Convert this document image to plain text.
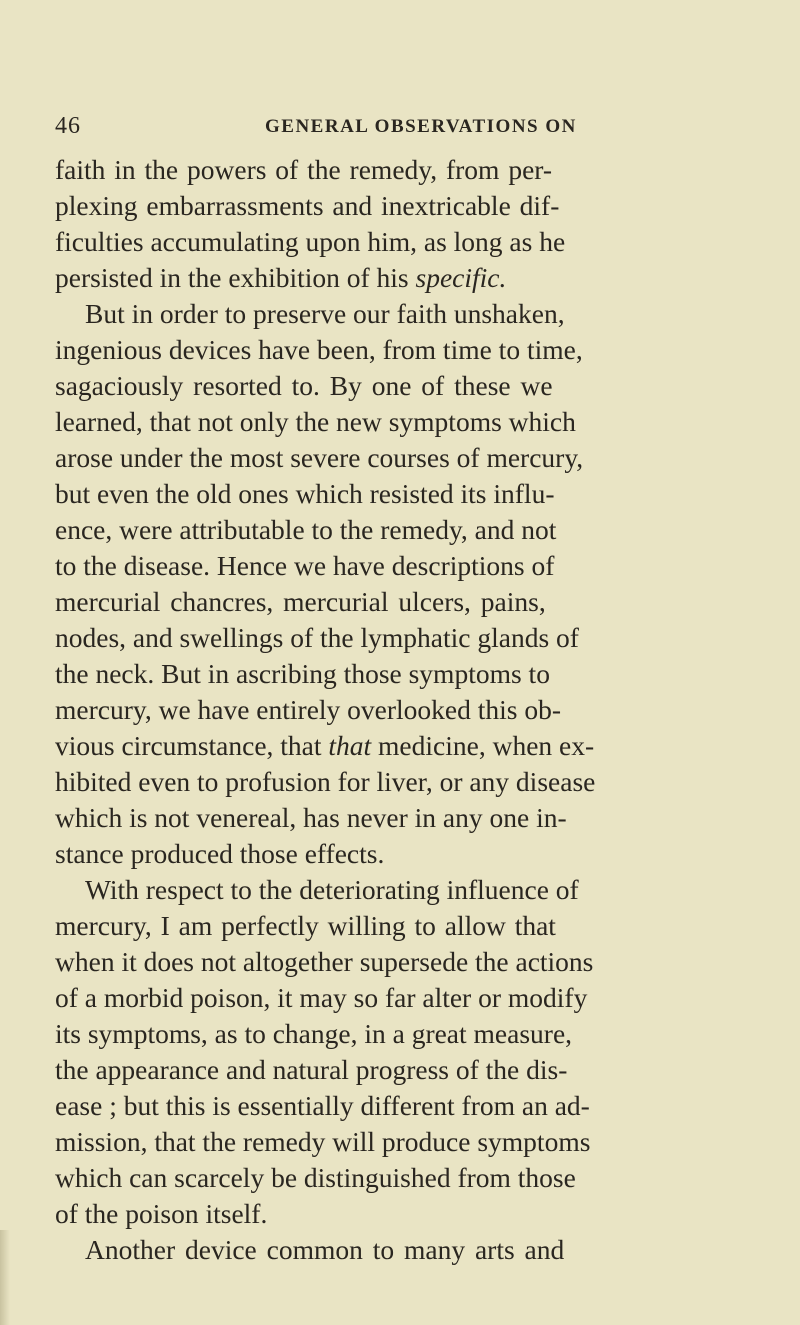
46	GENERAL OBSERVATIONS ON
faith in the powers of the remedy, from per-
plexing embarrassments and inextricable dif-
ficulties accumulating upon him, as long as he
persisted in the exhibition of his specific.
But in order to preserve our faith unshaken,
ingenious devices have been, from time to time,
sagaciously resorted to. By one of these we
learned, that not only the new symptoms which
arose under the most severe courses of mercury,
but even the old ones which resisted its influ-
ence, were attributable to the remedy, and not
to the disease. Hence we have descriptions of
mercurial chancres, mercurial ulcers, pains,
nodes, and swellings of the lymphatic glands of
the neck. But in ascribing those symptoms to
mercury, we have entirely overlooked this ob-
vious circumstance, that that medicine, when ex-
hibited even to profusion for liver, or any disease
which is not venereal, has never in any one in-
stance produced those effects.
With respect to the deteriorating influence of
mercury, I am perfectly willing to allow that
when it does not altogether supersede the actions
of a morbid poison, it may so far alter or modify
its symptoms, as to change, in a great measure,
the appearance and natural progress of the dis-
ease ; but this is essentially different from an ad-
mission, that the remedy will produce symptoms
which can scarcely be distinguished from those
of the poison itself.
Another device common to many arts and
